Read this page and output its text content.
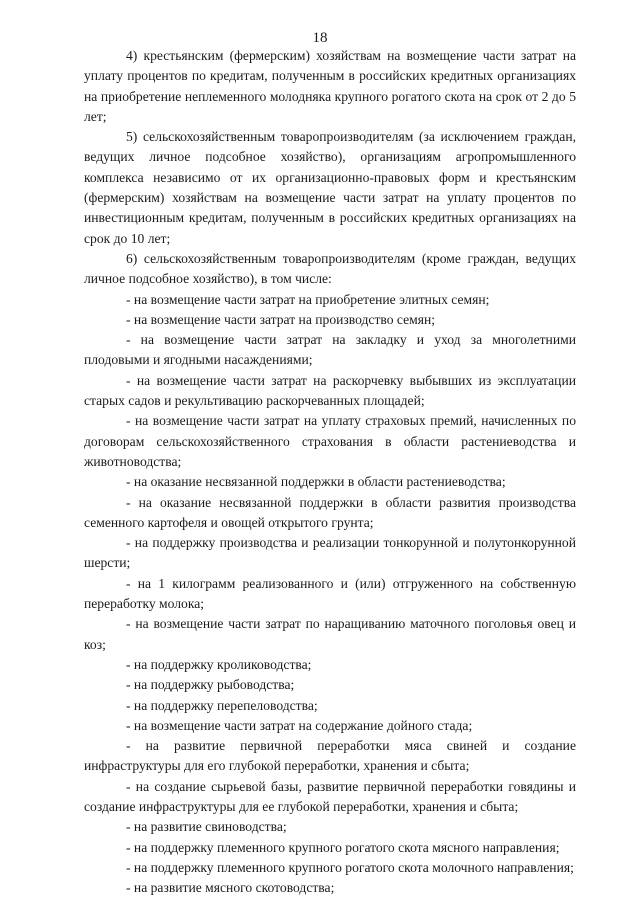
18

4) крестьянским (фермерским) хозяйствам на возмещение части затрат на уплату процентов по кредитам, полученным в российских кредитных организациях на приобретение неплеменного молодняка крупного рогатого скота на срок от 2 до 5 лет;

5) сельскохозяйственным товаропроизводителям (за исключением граждан, ведущих личное подсобное хозяйство), организациям агропромышленного комплекса независимо от их организационно-правовых форм и крестьянским (фермерским) хозяйствам на возмещение части затрат на уплату процентов по инвестиционным кредитам, полученным в российских кредитных организациях на срок до 10 лет;

6) сельскохозяйственным товаропроизводителям (кроме граждан, ведущих личное подсобное хозяйство), в том числе:

- на возмещение части затрат на приобретение элитных семян;

- на возмещение части затрат на производство семян;

- на возмещение части затрат на закладку и уход за многолетними плодовыми и ягодными насаждениями;

- на возмещение части затрат на раскорчевку выбывших из эксплуатации старых садов и рекультивацию раскорчеванных площадей;

- на возмещение части затрат на уплату страховых премий, начисленных по договорам сельскохозяйственного страхования в области растениеводства и животноводства;

- на оказание несвязанной поддержки в области растениеводства;

- на оказание несвязанной поддержки в области развития производства семенного картофеля и овощей открытого грунта;

- на поддержку производства и реализации тонкорунной и полутонкорунной шерсти;

- на 1 килограмм реализованного и (или) отгруженного на собственную переработку молока;

- на возмещение части затрат по наращиванию маточного поголовья овец и коз;

- на поддержку кролиководства;

- на поддержку рыбоводства;

- на поддержку перепеловодства;

- на возмещение части затрат на содержание дойного стада;

- на развитие первичной переработки мяса свиней и создание инфраструктуры для его глубокой переработки, хранения и сбыта;

- на создание сырьевой базы, развитие первичной переработки говядины и создание инфраструктуры для ее глубокой переработки, хранения и сбыта;

- на развитие свиноводства;

- на поддержку племенного крупного рогатого скота мясного направления;

- на поддержку племенного крупного рогатого скота молочного направления;

- на развитие мясного скотоводства;
